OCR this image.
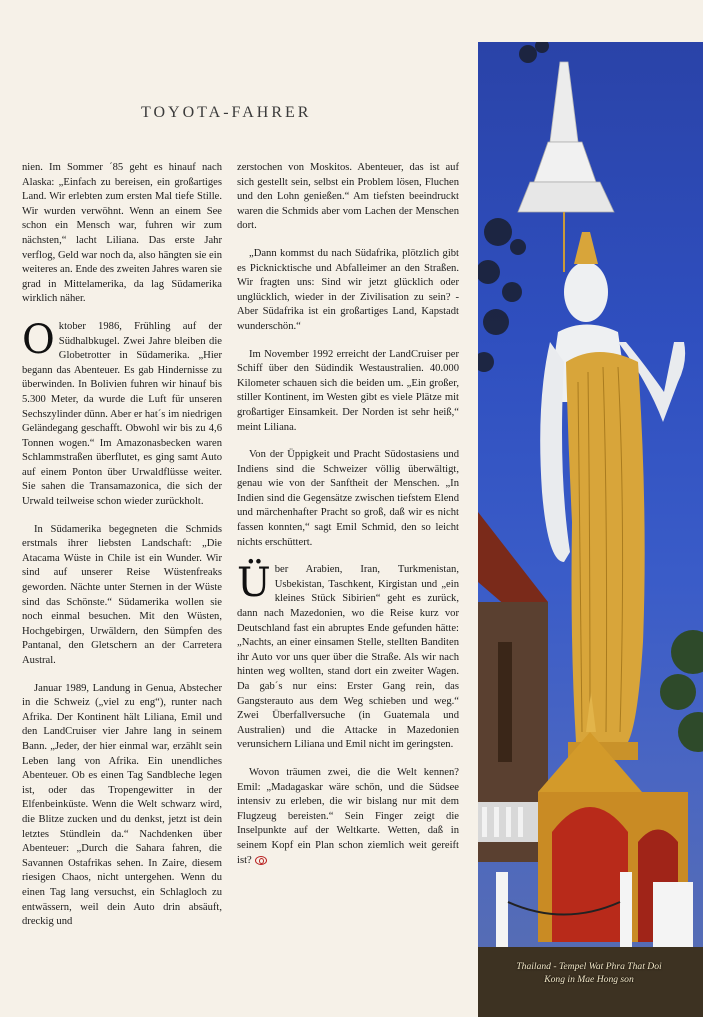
TOYOTA-FAHRER

nien. Im Sommer ´85 geht es hinauf nach Alaska: „Einfach zu bereisen, ein großartiges Land. Wir erlebten zum ersten Mal tiefe Stille. Wir wurden verwöhnt. Wenn an einem See schon ein Mensch war, fuhren wir zum nächsten,“ lacht Liliana. Das erste Jahr verflog, Geld war noch da, also hängten sie ein weiteres an. Ende des zweiten Jahres waren sie grad in Mittelamerika, da lag Südamerika wirklich näher.

Oktober 1986, Frühling auf der Südhalbkugel. Zwei Jahre bleiben die Globetrotter in Südamerika. „Hier begann das Abenteuer. Es gab Hindernisse zu überwinden. In Bolivien fuhren wir hinauf bis 5.300 Meter, da wurde die Luft für unseren Sechszylinder dünn. Aber er hat´s im niedrigen Geländegang geschafft. Obwohl wir bis zu 4,6 Tonnen wogen.“ Im Amazonasbecken waren Schlammstraßen überflutet, es ging samt Auto auf einem Ponton über Urwaldflüsse weiter. Sie sahen die Transamazonica, die sich der Urwald teilweise schon wieder zurückholt.

In Südamerika begegneten die Schmids erstmals ihrer liebsten Landschaft: „Die Atacama Wüste in Chile ist ein Wunder. Wir sind auf unserer Reise Wüstenfreaks geworden. Nächte unter Sternen in der Wüste sind das Schönste.“ Südamerika wollen sie noch einmal besuchen. Mit den Wüsten, Hochgebirgen, Urwäldern, den Sümpfen des Pantanal, den Gletschern an der Carretera Austral.

Januar 1989, Landung in Genua, Abstecher in die Schweiz („viel zu eng“), runter nach Afrika. Der Kontinent hält Liliana, Emil und den LandCruiser vier Jahre lang in seinem Bann. „Jeder, der hier einmal war, erzählt sein Leben lang von Afrika. Ein unendliches Abenteuer. Ob es einen Tag Sandbleche legen ist, oder das Tropengewitter in der Elfenbeinküste. Wenn die Welt schwarz wird, die Blitze zucken und du denkst, jetzt ist dein letztes Stündlein da.“ Nachdenken über Abenteuer: „Durch die Sahara fahren, die Savannen Ostafrikas sehen. In Zaire, diesem riesigen Chaos, nicht untergehen. Wenn du einen Tag lang versuchst, ein Schlagloch zu entwässern, weil dein Auto drin absäuft, dreckig und

zerstochen von Moskitos. Abenteuer, das ist auf sich gestellt sein, selbst ein Problem lösen, Fluchen und den Lohn genießen.“ Am tiefsten beeindruckt waren die Schmids aber vom Lachen der Menschen dort.

„Dann kommst du nach Südafrika, plötzlich gibt es Picknicktische und Abfalleimer an den Straßen. Wir fragten uns: Sind wir jetzt glücklich oder unglücklich, wieder in der Zivilisation zu sein? - Aber Südafrika ist ein großartiges Land, Kapstadt wunderschön.“

Im November 1992 erreicht der LandCruiser per Schiff über den Südindik Westaustralien. 40.000 Kilometer schauen sich die beiden um. „Ein großer, stiller Kontinent, im Westen gibt es viele Plätze mit großartiger Einsamkeit. Der Norden ist sehr heiß,“ meint Liliana.

Von der Üppigkeit und Pracht Südostasiens und Indiens sind die Schweizer völlig überwältigt, genau wie von der Sanftheit der Menschen. „In Indien sind die Gegensätze zwischen tiefstem Elend und märchenhafter Pracht so groß, daß wir es nicht fassen konnten,“ sagt Emil Schmid, den so leicht nichts erschüttert.

Über Arabien, Iran, Turkmenistan, Usbekistan, Taschkent, Kirgistan und „ein kleines Stück Sibirien“ geht es zurück, dann nach Mazedonien, wo die Reise kurz vor Deutschland fast ein abruptes Ende gefunden hätte: „Nachts, an einer einsamen Stelle, stellten Banditen ihr Auto vor uns quer über die Straße. Als wir nach hinten weg wollten, stand dort ein zweiter Wagen. Da gab´s nur eins: Erster Gang rein, das Gangsterauto aus dem Weg schieben und weg.“ Zwei Überfallversuche (in Guatemala und Australien) und die Attacke in Mazedonien verunsichern Liliana und Emil nicht im geringsten.

Wovon träumen zwei, die die Welt kennen? Emil: „Madagaskar wäre schön, und die Südsee intensiv zu erleben, die wir bislang nur mit dem Flugzeug bereisten.“ Sein Finger zeigt die Inselpunkte auf der Weltkarte. Wetten, daß in seinem Kopf ein Plan schon ziemlich weit gereift ist?

Thailand - Tempel Wat Phra That Doi
Kong in Mae Hong son
